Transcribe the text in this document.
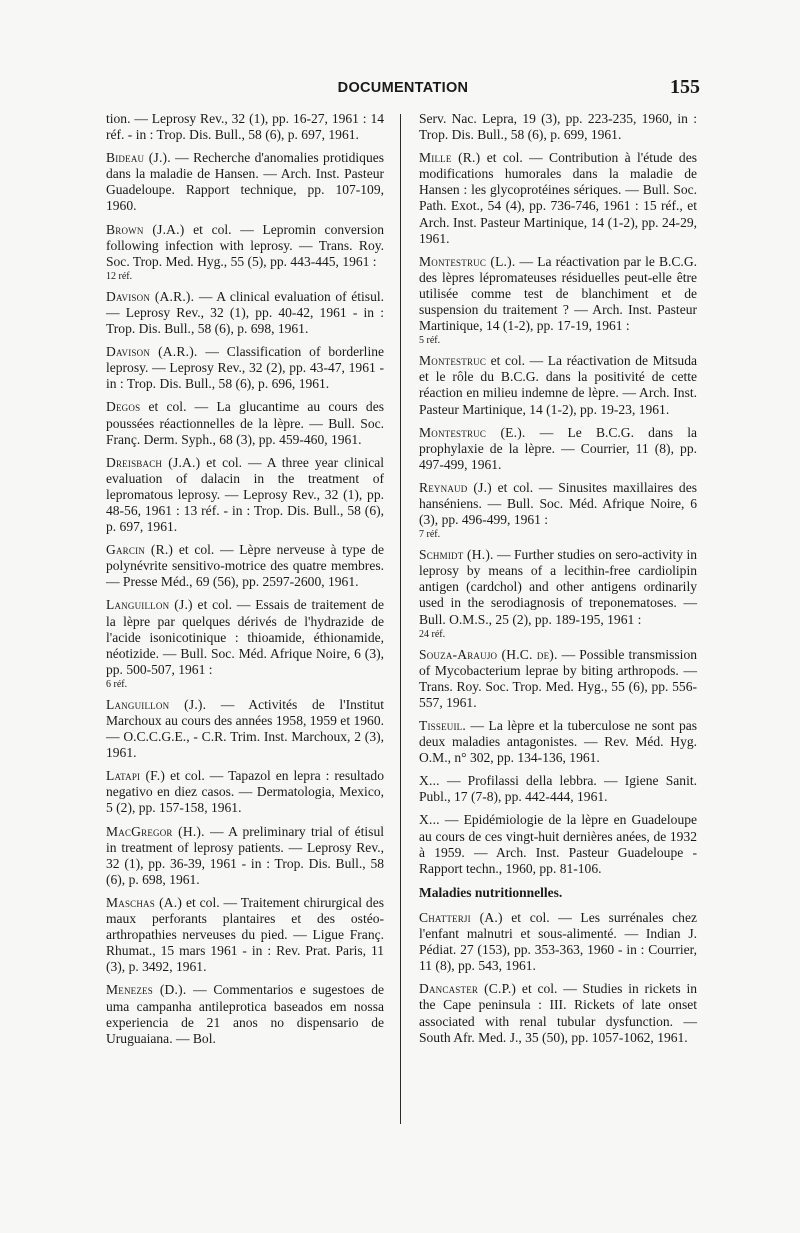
DOCUMENTATION	155
tion. — Leprosy Rev., 32 (1), pp. 16-27, 1961 : 14 réf. - in : Trop. Dis. Bull., 58 (6), p. 697, 1961.
Bideau (J.). — Recherche d'anomalies protidiques dans la maladie de Hansen. — Arch. Inst. Pasteur Guadeloupe. Rapport technique, pp. 107-109, 1960.
Brown (J.A.) et col. — Lepromin conversion following infection with leprosy. — Trans. Roy. Soc. Trop. Med. Hyg., 55 (5), pp. 443-445, 1961 :
12 réf.
Davison (A.R.). — A clinical evaluation of étisul. — Leprosy Rev., 32 (1), pp. 40-42, 1961 - in : Trop. Dis. Bull., 58 (6), p. 698, 1961.
Davison (A.R.). — Classification of borderline leprosy. — Leprosy Rev., 32 (2), pp. 43-47, 1961 - in : Trop. Dis. Bull., 58 (6), p. 696, 1961.
Degos et col. — La glucantime au cours des poussées réactionnelles de la lèpre. — Bull. Soc. Franç. Derm. Syph., 68 (3), pp. 459-460, 1961.
Dreisbach (J.A.) et col. — A three year clinical evaluation of dalacin in the treatment of lepromatous leprosy. — Leprosy Rev., 32 (1), pp. 48-56, 1961 : 13 réf. - in : Trop. Dis. Bull., 58 (6), p. 697, 1961.
Garcin (R.) et col. — Lèpre nerveuse à type de polynévrite sensitivo-motrice des quatre membres. — Presse Méd., 69 (56), pp. 2597-2600, 1961.
Languillon (J.) et col. — Essais de traitement de la lèpre par quelques dérivés de l'hydrazide de l'acide isonicotinique : thioamide, éthionamide, néotizide. — Bull. Soc. Méd. Afrique Noire, 6 (3), pp. 500-507, 1961 :
6 réf.
Languillon (J.). — Activités de l'Institut Marchoux au cours des années 1958, 1959 et 1960. — O.C.C.G.E., - C.R. Trim. Inst. Marchoux, 2 (3), 1961.
Latapi (F.) et col. — Tapazol en lepra : resultado negativo en diez casos. — Dermatologia, Mexico, 5 (2), pp. 157-158, 1961.
MacGregor (H.). — A preliminary trial of étisul in treatment of leprosy patients. — Leprosy Rev., 32 (1), pp. 36-39, 1961 - in : Trop. Dis. Bull., 58 (6), p. 698, 1961.
Maschas (A.) et col. — Traitement chirurgical des maux perforants plantaires et des ostéo-arthropathies nerveuses du pied. — Ligue Franç. Rhumat., 15 mars 1961 - in : Rev. Prat. Paris, 11 (3), p. 3492, 1961.
Menezes (D.). — Commentarios e sugestoes de uma campanha antileprotica baseados em nossa experiencia de 21 anos no dispensario de Uruguaiana. — Bol.
Serv. Nac. Lepra, 19 (3), pp. 223-235, 1960, in : Trop. Dis. Bull., 58 (6), p. 699, 1961.
Mille (R.) et col. — Contribution à l'étude des modifications humorales dans la maladie de Hansen : les glycoprotéines sériques. — Bull. Soc. Path. Exot., 54 (4), pp. 736-746, 1961 : 15 réf., et Arch. Inst. Pasteur Martinique, 14 (1-2), pp. 24-29, 1961.
Montestruc (L.). — La réactivation par le B.C.G. des lèpres lépromateuses résiduelles peut-elle être utilisée comme test de blanchiment et de suspension du traitement ? — Arch. Inst. Pasteur Martinique, 14 (1-2), pp. 17-19, 1961 :
5 réf.
Montestruc et col. — La réactivation de Mitsuda et le rôle du B.C.G. dans la positivité de cette réaction en milieu indemne de lèpre. — Arch. Inst. Pasteur Martinique, 14 (1-2), pp. 19-23, 1961.
Montestruc (E.). — Le B.C.G. dans la prophylaxie de la lèpre. — Courrier, 11 (8), pp. 497-499, 1961.
Reynaud (J.) et col. — Sinusites maxillaires des hanséniens. — Bull. Soc. Méd. Afrique Noire, 6 (3), pp. 496-499, 1961 :
7 réf.
Schmidt (H.). — Further studies on sero-activity in leprosy by means of a lecithin-free cardiolipin antigen (cardchol) and other antigens ordinarily used in the serodiagnosis of treponematoses. — Bull. O.M.S., 25 (2), pp. 189-195, 1961 :
24 réf.
Souza-Araujo (H.C. de). — Possible transmission of Mycobacterium leprae by biting arthropods. — Trans. Roy. Soc. Trop. Med. Hyg., 55 (6), pp. 556-557, 1961.
Tisseuil. — La lèpre et la tuberculose ne sont pas deux maladies antagonistes. — Rev. Méd. Hyg. O.M., n° 302, pp. 134-136, 1961.
X... — Profilassi della lebbra. — Igiene Sanit. Publ., 17 (7-8), pp. 442-444, 1961.
X... — Epidémiologie de la lèpre en Guadeloupe au cours de ces vingt-huit dernières anées, de 1932 à 1959. — Arch. Inst. Pasteur Guadeloupe - Rapport techn., 1960, pp. 81-106.
Maladies nutritionnelles.
Chatterji (A.) et col. — Les surrénales chez l'enfant malnutri et sous-alimenté. — Indian J. Pédiat. 27 (153), pp. 353-363, 1960 - in : Courrier, 11 (8), pp. 543, 1961.
Dancaster (C.P.) et col. — Studies in rickets in the Cape peninsula : III. Rickets of late onset associated with renal tubular dysfunction. — South Afr. Med. J., 35 (50), pp. 1057-1062, 1961.
